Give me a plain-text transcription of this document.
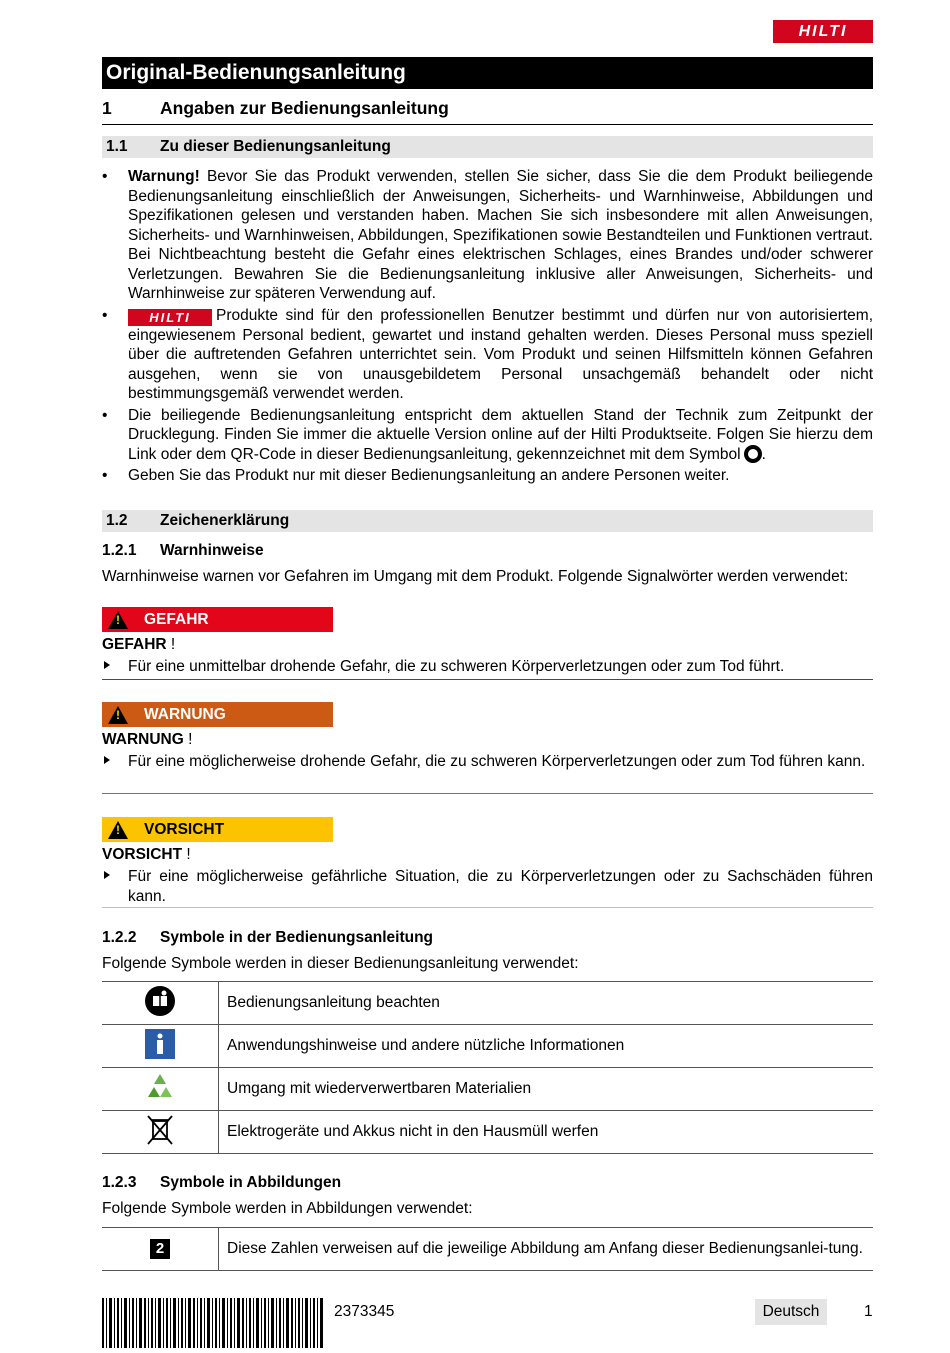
HILTI
Original-Bedienungsanleitung
1	Angaben zur Bedienungsanleitung
1.1 Zu dieser Bedienungsanleitung
• Warnung! Bevor Sie das Produkt verwenden, stellen Sie sicher, dass Sie die dem Produkt beiliegende Bedienungsanleitung einschließlich der Anweisungen, Sicherheits- und Warnhinweise, Abbildungen und Spezifikationen gelesen und verstanden haben. Machen Sie sich insbesondere mit allen Anweisungen, Sicherheits- und Warnhinweisen, Abbildungen, Spezifikationen sowie Bestandteilen und Funktionen vertraut. Bei Nichtbeachtung besteht die Gefahr eines elektrischen Schlages, eines Brandes und/oder schwerer Verletzungen. Bewahren Sie die Bedienungsanleitung inklusive aller Anweisungen, Sicherheits- und Warnhinweise zur späteren Verwendung auf.
•	HILTI Produkte sind für den professionellen Benutzer bestimmt und dürfen nur von autorisiertem, eingewiesenem Personal bedient, gewartet und instand gehalten werden. Dieses Personal muss speziell über die auftretenden Gefahren unterrichtet sein. Vom Produkt und seinen Hilfsmitteln können Gefahren ausgehen, wenn sie von unausgebildetem Personal unsachgemäß behandelt oder nicht bestimmungsgemäß verwendet werden.
• Die beiliegende Bedienungsanleitung entspricht dem aktuellen Stand der Technik zum Zeitpunkt der Drucklegung. Finden Sie immer die aktuelle Version online auf der Hilti Produktseite. Folgen Sie hierzu dem Link oder dem QR-Code in dieser Bedienungsanleitung, gekennzeichnet mit dem Symbol .
• Geben Sie das Produkt nur mit dieser Bedienungsanleitung an andere Personen weiter.
1.2 Zeichenerklärung
1.2.1 Warnhinweise
Warnhinweise warnen vor Gefahren im Umgang mit dem Produkt. Folgende Signalwörter werden verwendet:
!
GEFAHR
GEFAHR !
Für eine unmittelbar drohende Gefahr, die zu schweren Körperverletzungen oder zum Tod führt.
!
WARNUNG
WARNUNG !
Für eine möglicherweise drohende Gefahr, die zu schweren Körperverletzungen oder zum Tod führen kann.
!
VORSICHT
VORSICHT !
Für eine möglicherweise gefährliche Situation, die zu Körperverletzungen oder zu Sachschäden führen kann.
1.2.2 Symbole in der Bedienungsanleitung
Folgende Symbole werden in dieser Bedienungsanleitung verwendet:
	Bedienungsanleitung beachten
	Anwendungshinweise und andere nützliche Informationen
	Umgang mit wiederverwertbaren Materialien
	Elektrogeräte und Akkus nicht in den Hausmüll werfen
1.2.3 Symbole in Abbildungen
Folgende Symbole werden in Abbildungen verwendet:
2	Diese Zahlen verweisen auf die jeweilige Abbildung am Anfang dieser Bedienungsanlei-tung.
2373345	Deutsch	1
